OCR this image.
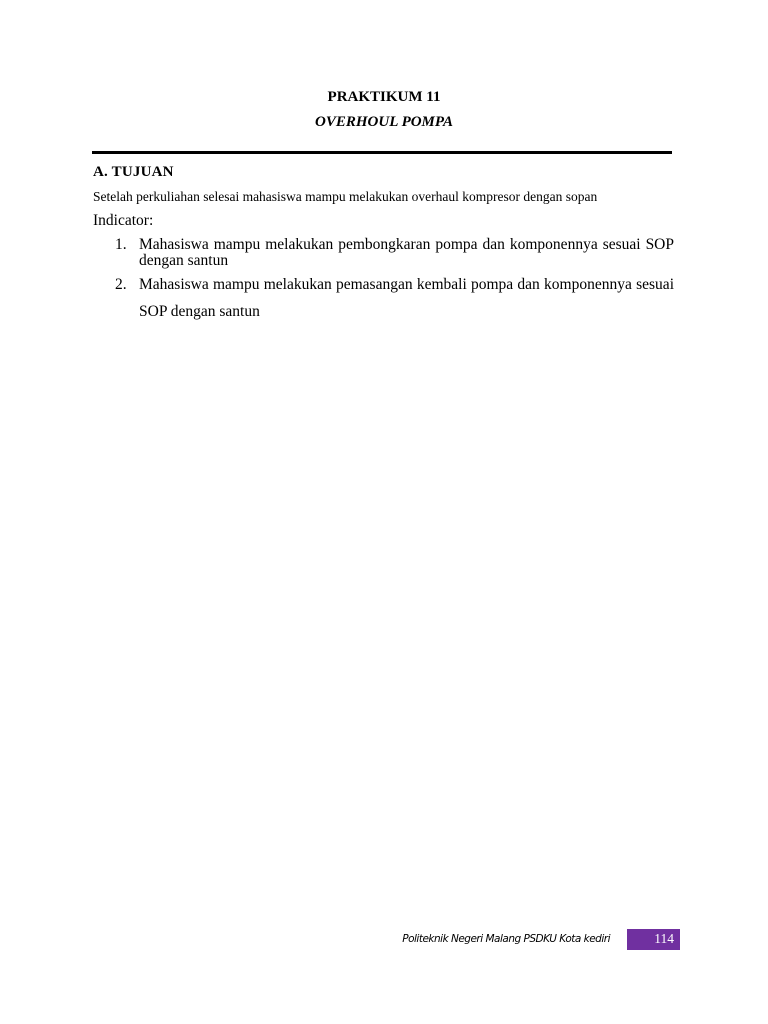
PRAKTIKUM 11
OVERHOUL POMPA
A. TUJUAN
Setelah perkuliahan selesai mahasiswa mampu melakukan overhaul kompresor dengan sopan
Indicator:
1. Mahasiswa mampu melakukan pembongkaran pompa dan komponennya sesuai SOP dengan santun
2. Mahasiswa mampu melakukan pemasangan kembali pompa dan komponennya sesuai SOP dengan santun
Politeknik Negeri Malang PSDKU Kota kediri	114
